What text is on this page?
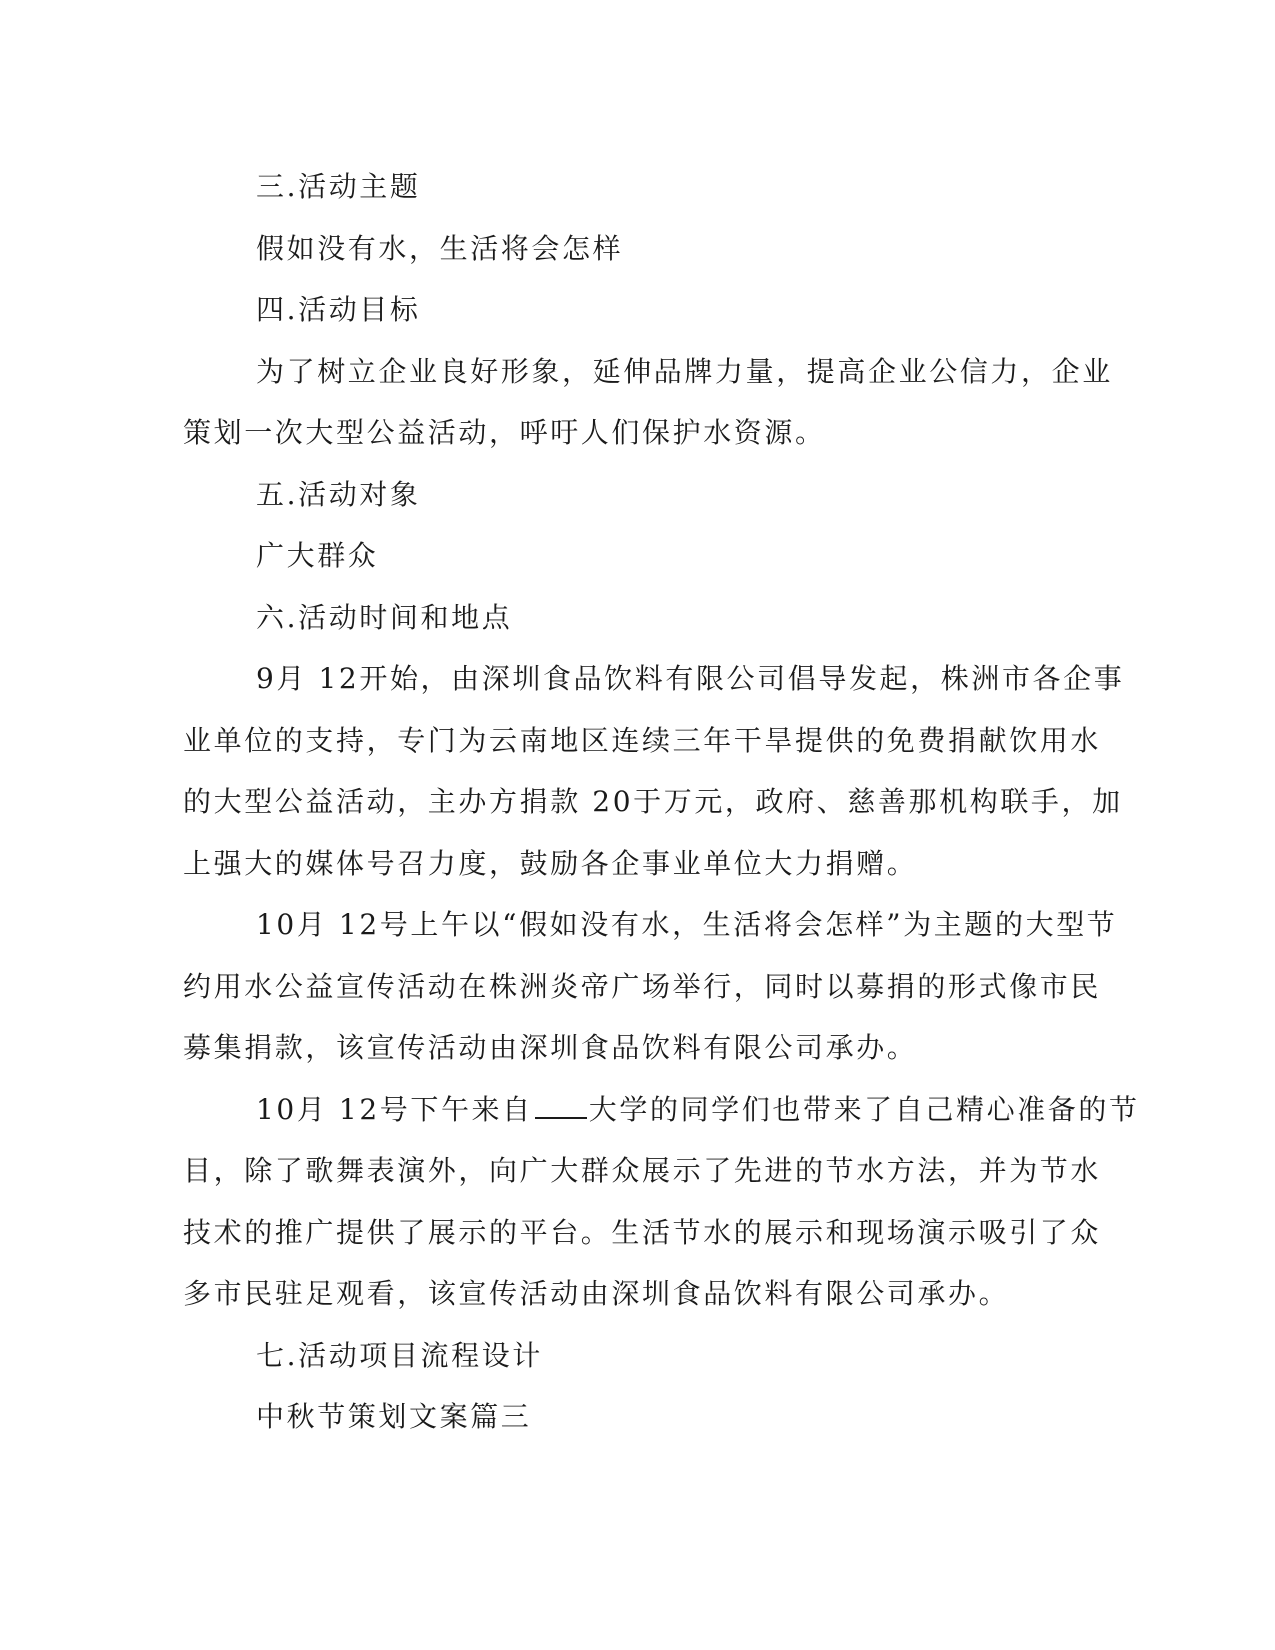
三.活动主题
假如没有水，生活将会怎样
四.活动目标
为了树立企业良好形象，延伸品牌力量，提高企业公信力，企业
策划一次大型公益活动，呼吁人们保护水资源。
五.活动对象
广大群众
六.活动时间和地点
9月 12开始，由深圳食品饮料有限公司倡导发起，株洲市各企事
业单位的支持，专门为云南地区连续三年干旱提供的免费捐献饮用水
的大型公益活动，主办方捐款 20于万元，政府、慈善那机构联手，加
上强大的媒体号召力度，鼓励各企事业单位大力捐赠。
10月 12号上午以“假如没有水，生活将会怎样”为主题的大型节
约用水公益宣传活动在株洲炎帝广场举行，同时以募捐的形式像市民
募集捐款，该宣传活动由深圳食品饮料有限公司承办。
10月 12号下午来自 大学的同学们也带来了自己精心准备的节
目，除了歌舞表演外，向广大群众展示了先进的节水方法，并为节水
技术的推广提供了展示的平台。生活节水的展示和现场演示吸引了众
多市民驻足观看，该宣传活动由深圳食品饮料有限公司承办。
七.活动项目流程设计
中秋节策划文案篇三
